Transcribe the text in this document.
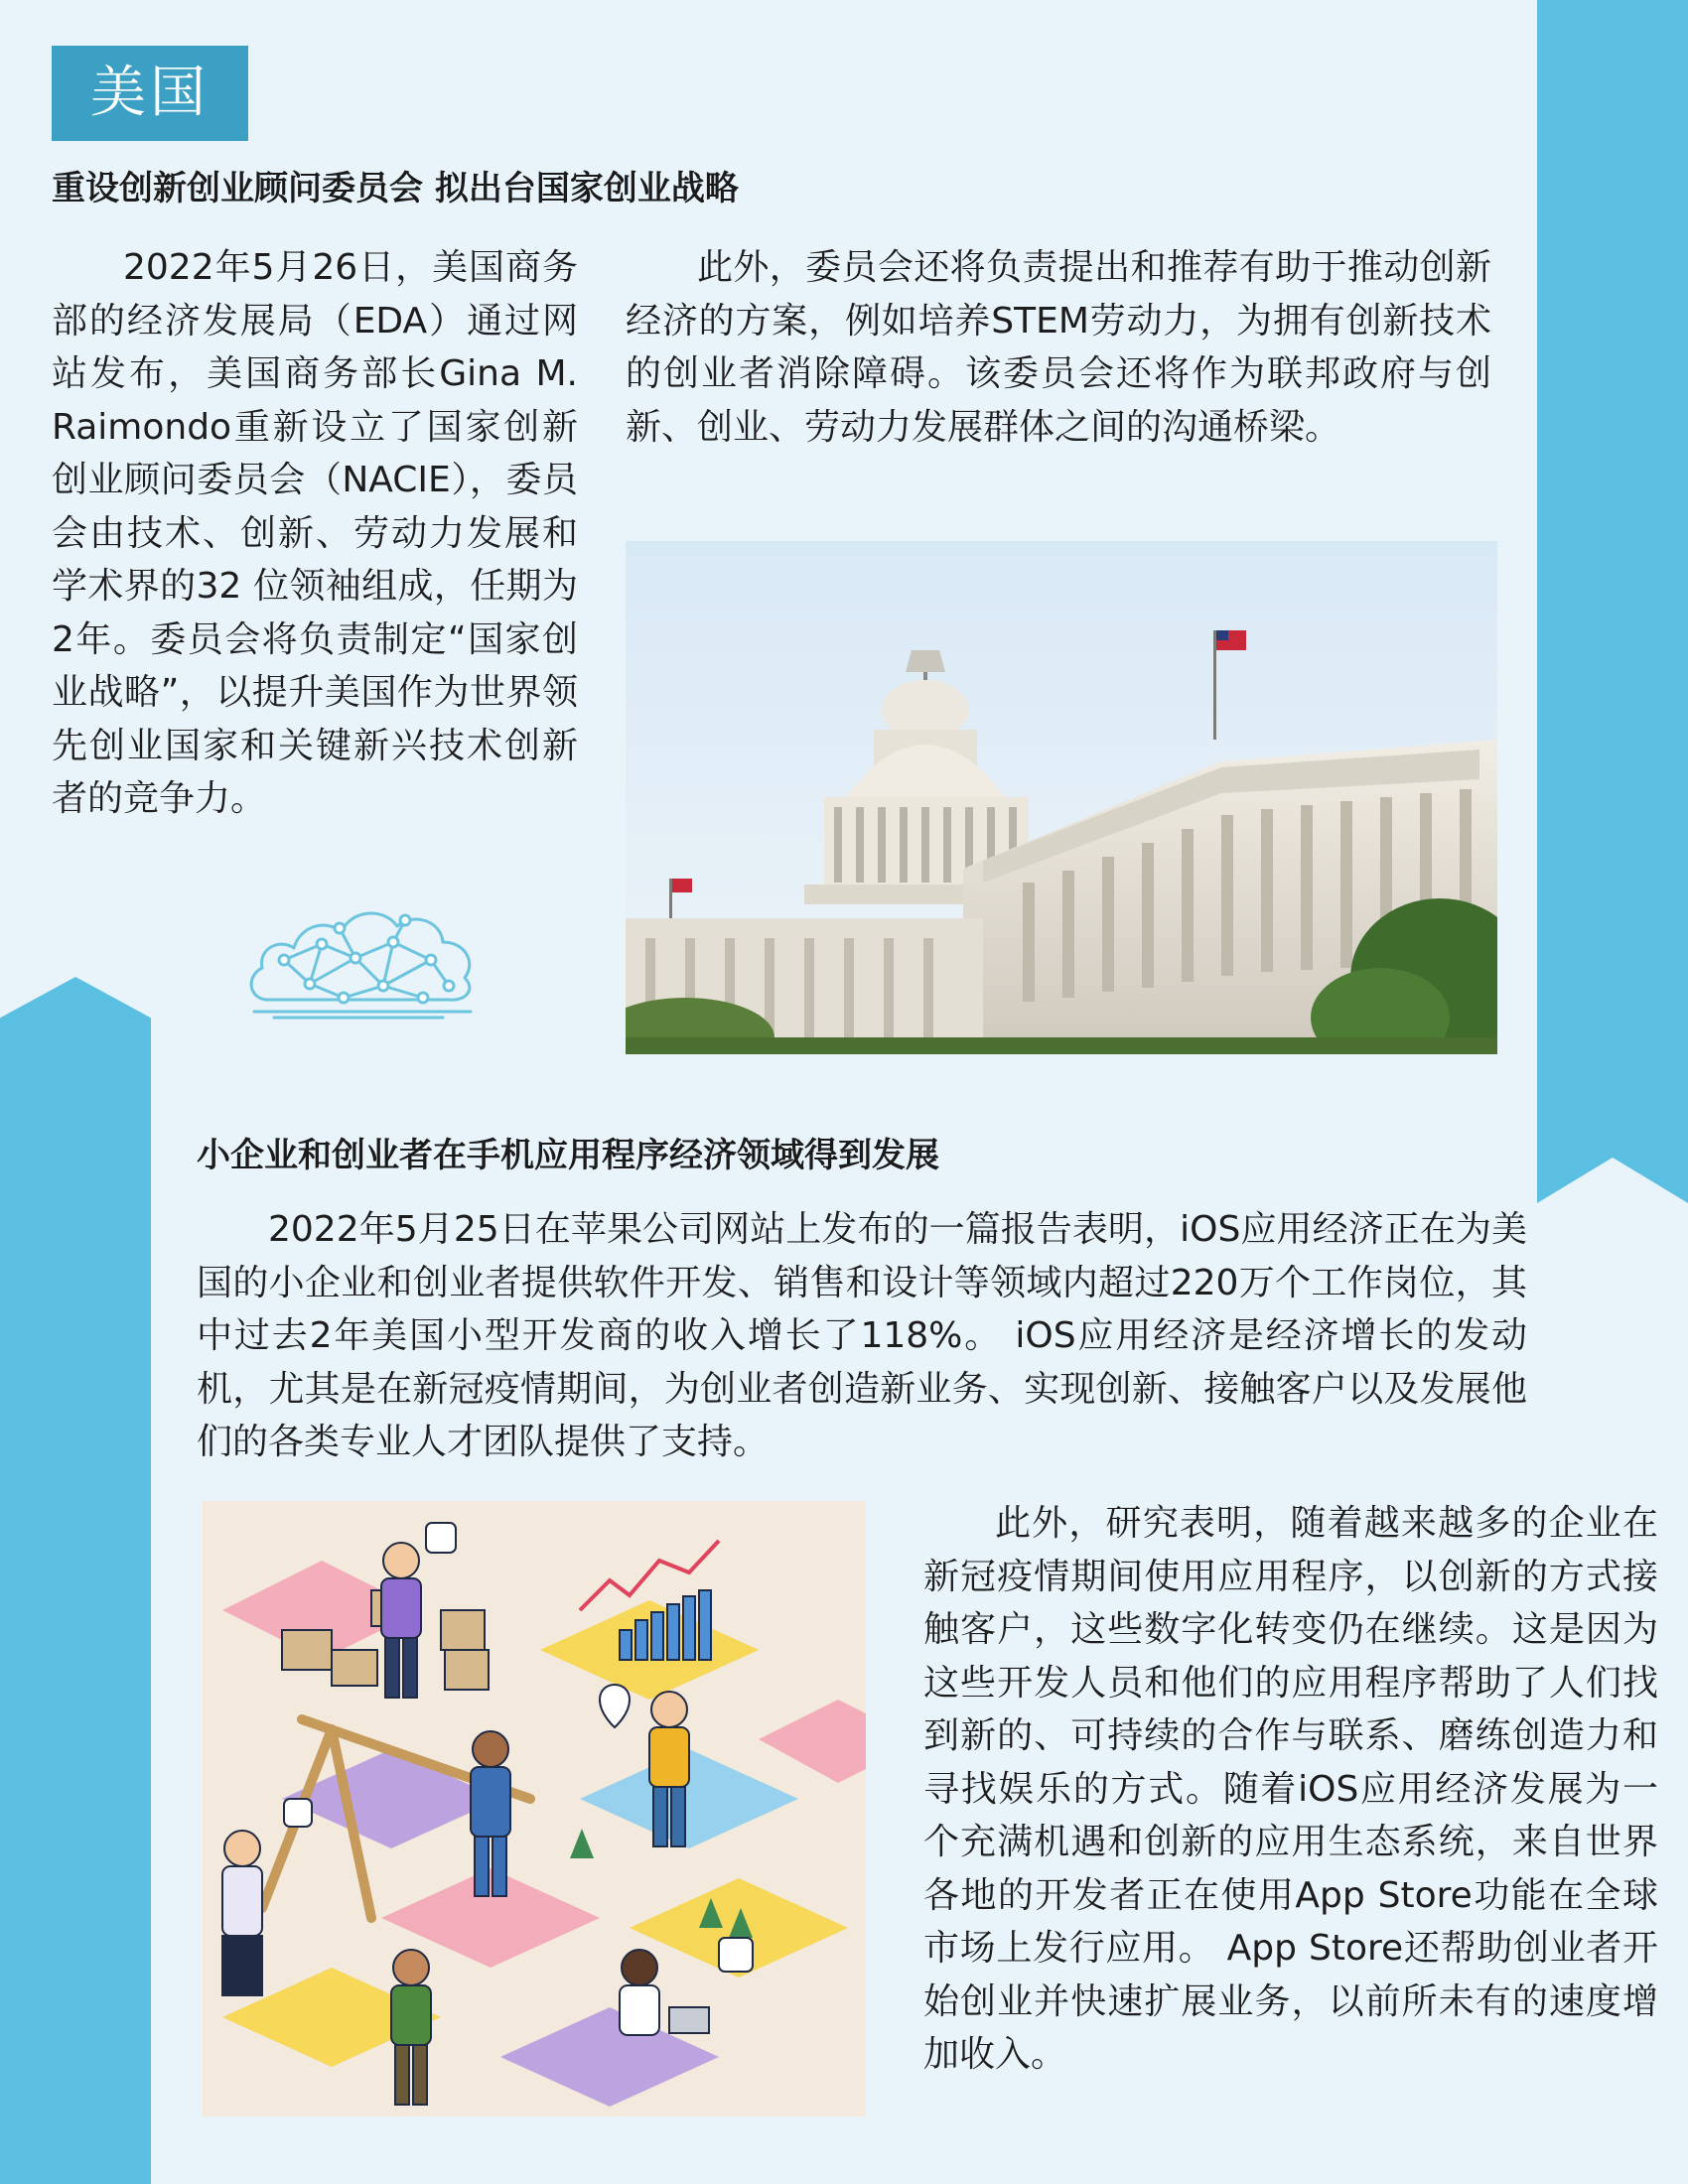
美国
重设创新创业顾问委员会 拟出台国家创业战略

2022年5月26日，美国商务部的经济发展局（EDA）通过网站发布，美国商务部长Gina M. Raimondo重新设立了国家创新创业顾问委员会（NACIE），委员会由技术、创新、劳动力发展和学术界的32 位领袖组成，任期为2年。委员会将负责制定“国家创业战略”，以提升美国作为世界领先创业国家和关键新兴技术创新者的竞争力。

此外，委员会还将负责提出和推荐有助于推动创新经济的方案，例如培养STEM劳动力，为拥有创新技术的创业者消除障碍。该委员会还将作为联邦政府与创新、创业、劳动力发展群体之间的沟通桥梁。

小企业和创业者在手机应用程序经济领域得到发展

2022年5月25日在苹果公司网站上发布的一篇报告表明，iOS应用经济正在为美国的小企业和创业者提供软件开发、销售和设计等领域内超过220万个工作岗位，其中过去2年美国小型开发商的收入增长了118%。 iOS应用经济是经济增长的发动机，尤其是在新冠疫情期间，为创业者创造新业务、实现创新、接触客户以及发展他们的各类专业人才团队提供了支持。

此外，研究表明，随着越来越多的企业在新冠疫情期间使用应用程序，以创新的方式接触客户，这些数字化转变仍在继续。这是因为这些开发人员和他们的应用程序帮助了人们找到新的、可持续的合作与联系、磨练创造力和寻找娱乐的方式。随着iOS应用经济发展为一个充满机遇和创新的应用生态系统，来自世界各地的开发者正在使用App Store功能在全球市场上发行应用。 App Store还帮助创业者开始创业并快速扩展业务，以前所未有的速度增加收入。
